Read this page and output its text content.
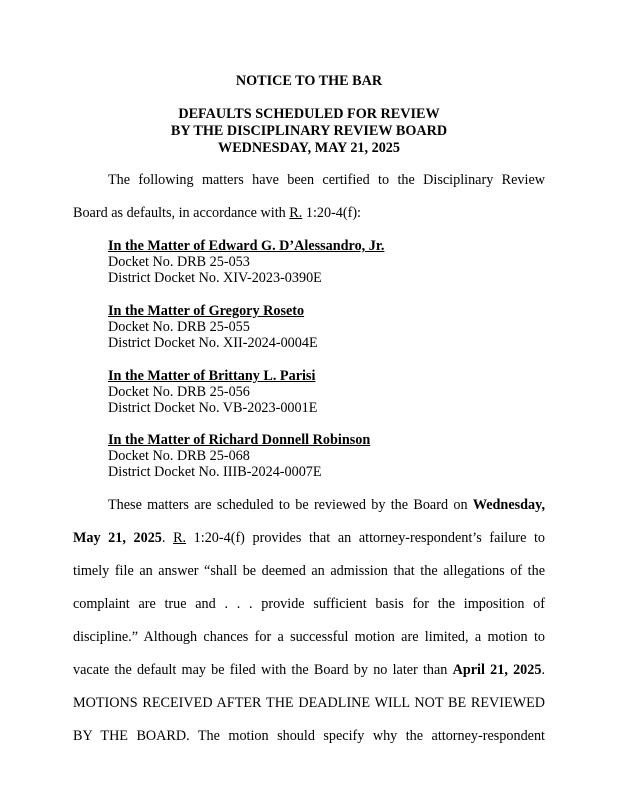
NOTICE TO THE BAR
DEFAULTS SCHEDULED FOR REVIEW
BY THE DISCIPLINARY REVIEW BOARD
WEDNESDAY, MAY 21, 2025
The following matters have been certified to the Disciplinary Review
Board as defaults, in accordance with R. 1:20-4(f):
In the Matter of Edward G. D’Alessandro, Jr.
Docket No. DRB 25-053
District Docket No. XIV-2023-0390E
In the Matter of Gregory Roseto
Docket No. DRB 25-055
District Docket No. XII-2024-0004E
In the Matter of Brittany L. Parisi
Docket No. DRB 25-056
District Docket No. VB-2023-0001E
In the Matter of Richard Donnell Robinson
Docket No. DRB 25-068
District Docket No. IIIB-2024-0007E
These matters are scheduled to be reviewed by the Board on Wednesday,
May 21, 2025. R. 1:20-4(f) provides that an attorney-respondent’s failure to
timely file an answer “shall be deemed an admission that the allegations of the
complaint are true and . . . provide sufficient basis for the imposition of
discipline.” Although chances for a successful motion are limited, a motion to
vacate the default may be filed with the Board by no later than April 21, 2025.
MOTIONS RECEIVED AFTER THE DEADLINE WILL NOT BE REVIEWED
BY THE BOARD. The motion should specify why the attorney-respondent
